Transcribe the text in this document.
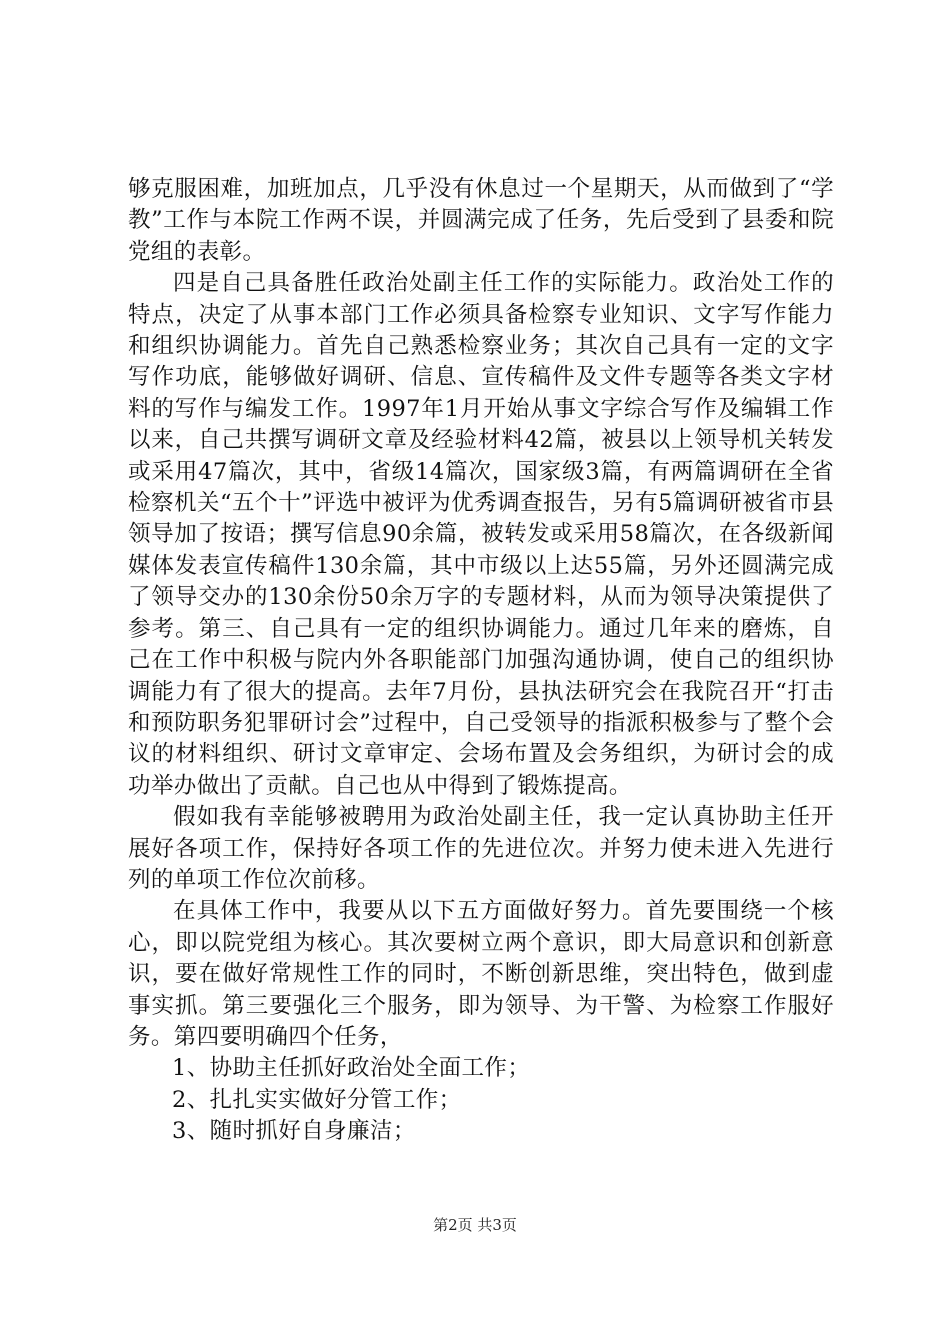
够克服困难，加班加点，几乎没有休息过一个星期天，从而做到了“学教”工作与本院工作两不误，并圆满完成了任务，先后受到了县委和院党组的表彰。

四是自己具备胜任政治处副主任工作的实际能力。政治处工作的特点，决定了从事本部门工作必须具备检察专业知识、文字写作能力和组织协调能力。首先自己熟悉检察业务；其次自己具有一定的文字写作功底，能够做好调研、信息、宣传稿件及文件专题等各类文字材料的写作与编发工作。1997年1月开始从事文字综合写作及编辑工作以来，自己共撰写调研文章及经验材料42篇，被县以上领导机关转发或采用47篇次，其中，省级14篇次，国家级3篇，有两篇调研在全省检察机关“五个十”评选中被评为优秀调查报告，另有5篇调研被省市县领导加了按语；撰写信息90余篇，被转发或采用58篇次，在各级新闻媒体发表宣传稿件130余篇，其中市级以上达55篇，另外还圆满完成了领导交办的130余份50余万字的专题材料，从而为领导决策提供了参考。第三、自己具有一定的组织协调能力。通过几年来的磨炼，自己在工作中积极与院内外各职能部门加强沟通协调，使自己的组织协调能力有了很大的提高。去年7月份，县执法研究会在我院召开“打击和预防职务犯罪研讨会”过程中，自己受领导的指派积极参与了整个会议的材料组织、研讨文章审定、会场布置及会务组织，为研讨会的成功举办做出了贡献。自己也从中得到了锻炼提高。

假如我有幸能够被聘用为政治处副主任，我一定认真协助主任开展好各项工作，保持好各项工作的先进位次。并努力使未进入先进行列的单项工作位次前移。

在具体工作中，我要从以下五方面做好努力。首先要围绕一个核心，即以院党组为核心。其次要树立两个意识，即大局意识和创新意识，要在做好常规性工作的同时，不断创新思维，突出特色，做到虚事实抓。第三要强化三个服务，即为领导、为干警、为检察工作服好务。第四要明确四个任务，

1、协助主任抓好政治处全面工作；

2、扎扎实实做好分管工作；

3、随时抓好自身廉洁；

第2页 共3页
